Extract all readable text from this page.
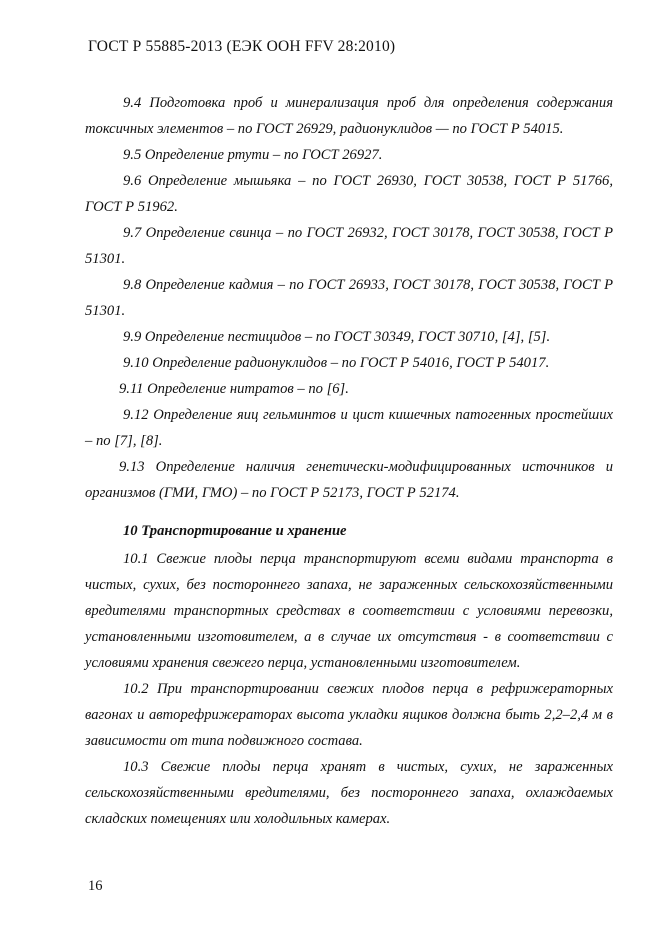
ГОСТ Р 55885-2013 (ЕЭК ООН FFV 28:2010)

9.4 Подготовка проб и минерализация проб для определения содержания токсичных элементов – по ГОСТ 26929, радионуклидов — по ГОСТ Р 54015.

9.5 Определение ртути – по ГОСТ 26927.

9.6 Определение мышьяка – по ГОСТ 26930, ГОСТ 30538, ГОСТ Р 51766, ГОСТ Р 51962.

9.7 Определение свинца – по ГОСТ 26932, ГОСТ 30178, ГОСТ 30538, ГОСТ Р 51301.

9.8 Определение кадмия – по ГОСТ 26933, ГОСТ 30178, ГОСТ 30538, ГОСТ Р 51301.

9.9 Определение пестицидов – по ГОСТ 30349, ГОСТ 30710, [4], [5].

9.10 Определение радионуклидов – по ГОСТ Р 54016, ГОСТ Р 54017.

9.11 Определение нитратов – по [6].

9.12 Определение яиц гельминтов и цист кишечных патогенных простейших – по [7], [8].

9.13 Определение наличия генетически-модифицированных источников и организмов (ГМИ, ГМО) – по ГОСТ Р 52173, ГОСТ Р 52174.

10 Транспортирование и хранение

10.1 Свежие плоды перца транспортируют всеми видами транспорта в чистых, сухих, без постороннего запаха, не зараженных сельскохозяйственными вредителями транспортных средствах в соответствии с условиями перевозки, установленными изготовителем, а в случае их отсутствия - в соответствии с условиями хранения свежего перца, установленными изготовителем.

10.2 При транспортировании свежих плодов перца в рефрижераторных вагонах и авторефрижераторах высота укладки ящиков должна быть 2,2–2,4 м в зависимости от типа подвижного состава.

10.3 Свежие плоды перца хранят в чистых, сухих, не зараженных сельскохозяйственными вредителями, без постороннего запаха, охлаждаемых складских помещениях или холодильных камерах.

16
